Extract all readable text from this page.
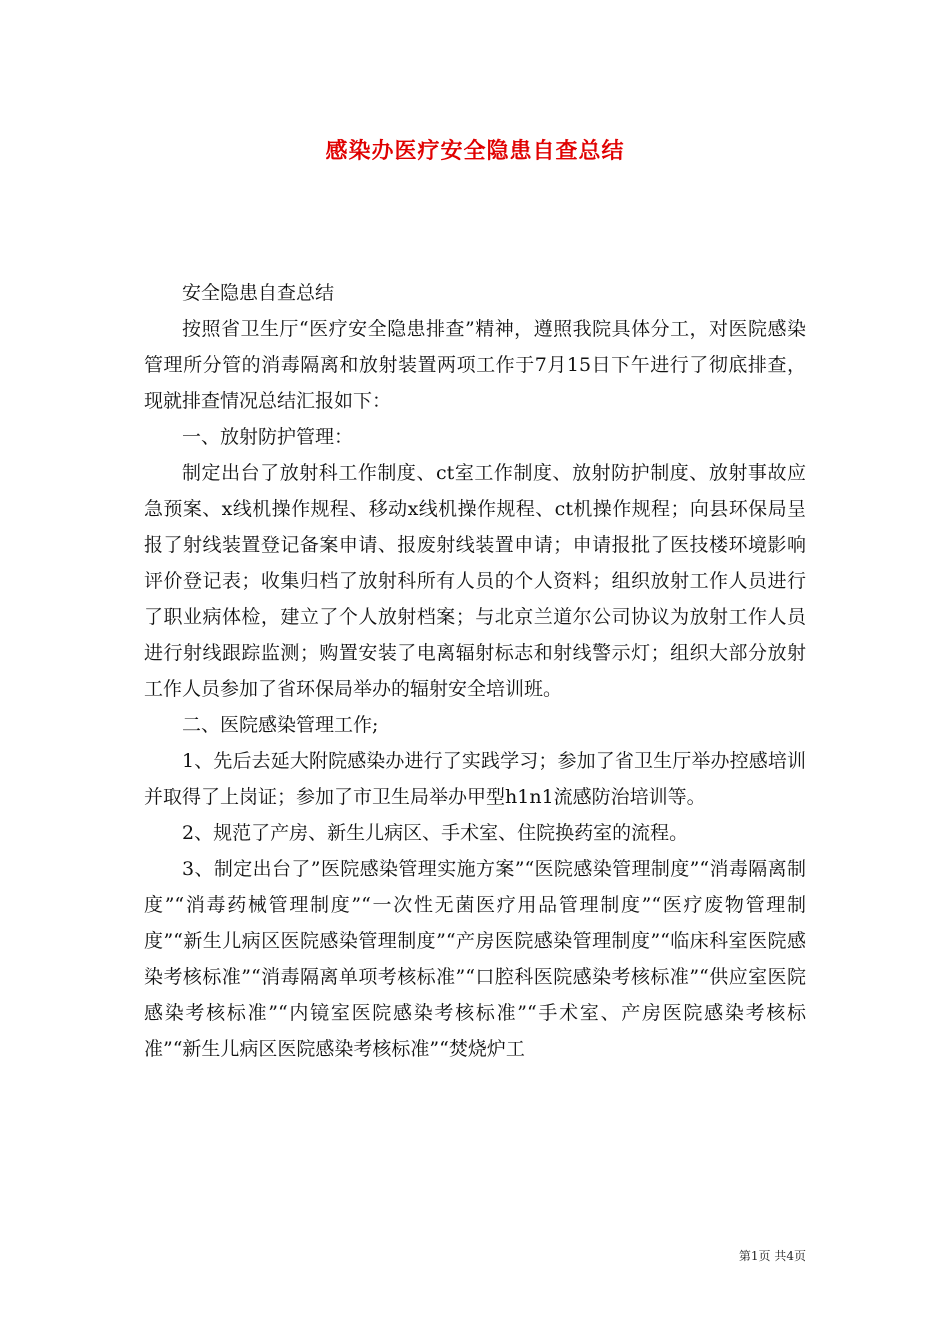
感染办医疗安全隐患自查总结

安全隐患自查总结

按照省卫生厅“医疗安全隐患排查”精神，遵照我院具体分工，对医院感染管理所分管的消毒隔离和放射装置两项工作于7月15日下午进行了彻底排查，现就排查情况总结汇报如下：

一、放射防护管理：

制定出台了放射科工作制度、ct室工作制度、放射防护制度、放射事故应急预案、x线机操作规程、移动x线机操作规程、ct机操作规程；向县环保局呈报了射线装置登记备案申请、报废射线装置申请；申请报批了医技楼环境影响评价登记表；收集归档了放射科所有人员的个人资料；组织放射工作人员进行了职业病体检，建立了个人放射档案；与北京兰道尔公司协议为放射工作人员进行射线跟踪监测；购置安装了电离辐射标志和射线警示灯；组织大部分放射工作人员参加了省环保局举办的辐射安全培训班。

二、医院感染管理工作;

1、先后去延大附院感染办进行了实践学习；参加了省卫生厅举办控感培训并取得了上岗证；参加了市卫生局举办甲型h1n1流感防治培训等。

2、规范了产房、新生儿病区、手术室、住院换药室的流程。

3、制定出台了”医院感染管理实施方案”“医院感染管理制度”“消毒隔离制度”“消毒药械管理制度”“一次性无菌医疗用品管理制度”“医疗废物管理制度”“新生儿病区医院感染管理制度”“产房医院感染管理制度”“临床科室医院感染考核标准”“消毒隔离单项考核标准”“口腔科医院感染考核标准”“供应室医院感染考核标准”“内镜室医院感染考核标准”“手术室、产房医院感染考核标准”“新生儿病区医院感染考核标准”“焚烧炉工

第1页 共4页
